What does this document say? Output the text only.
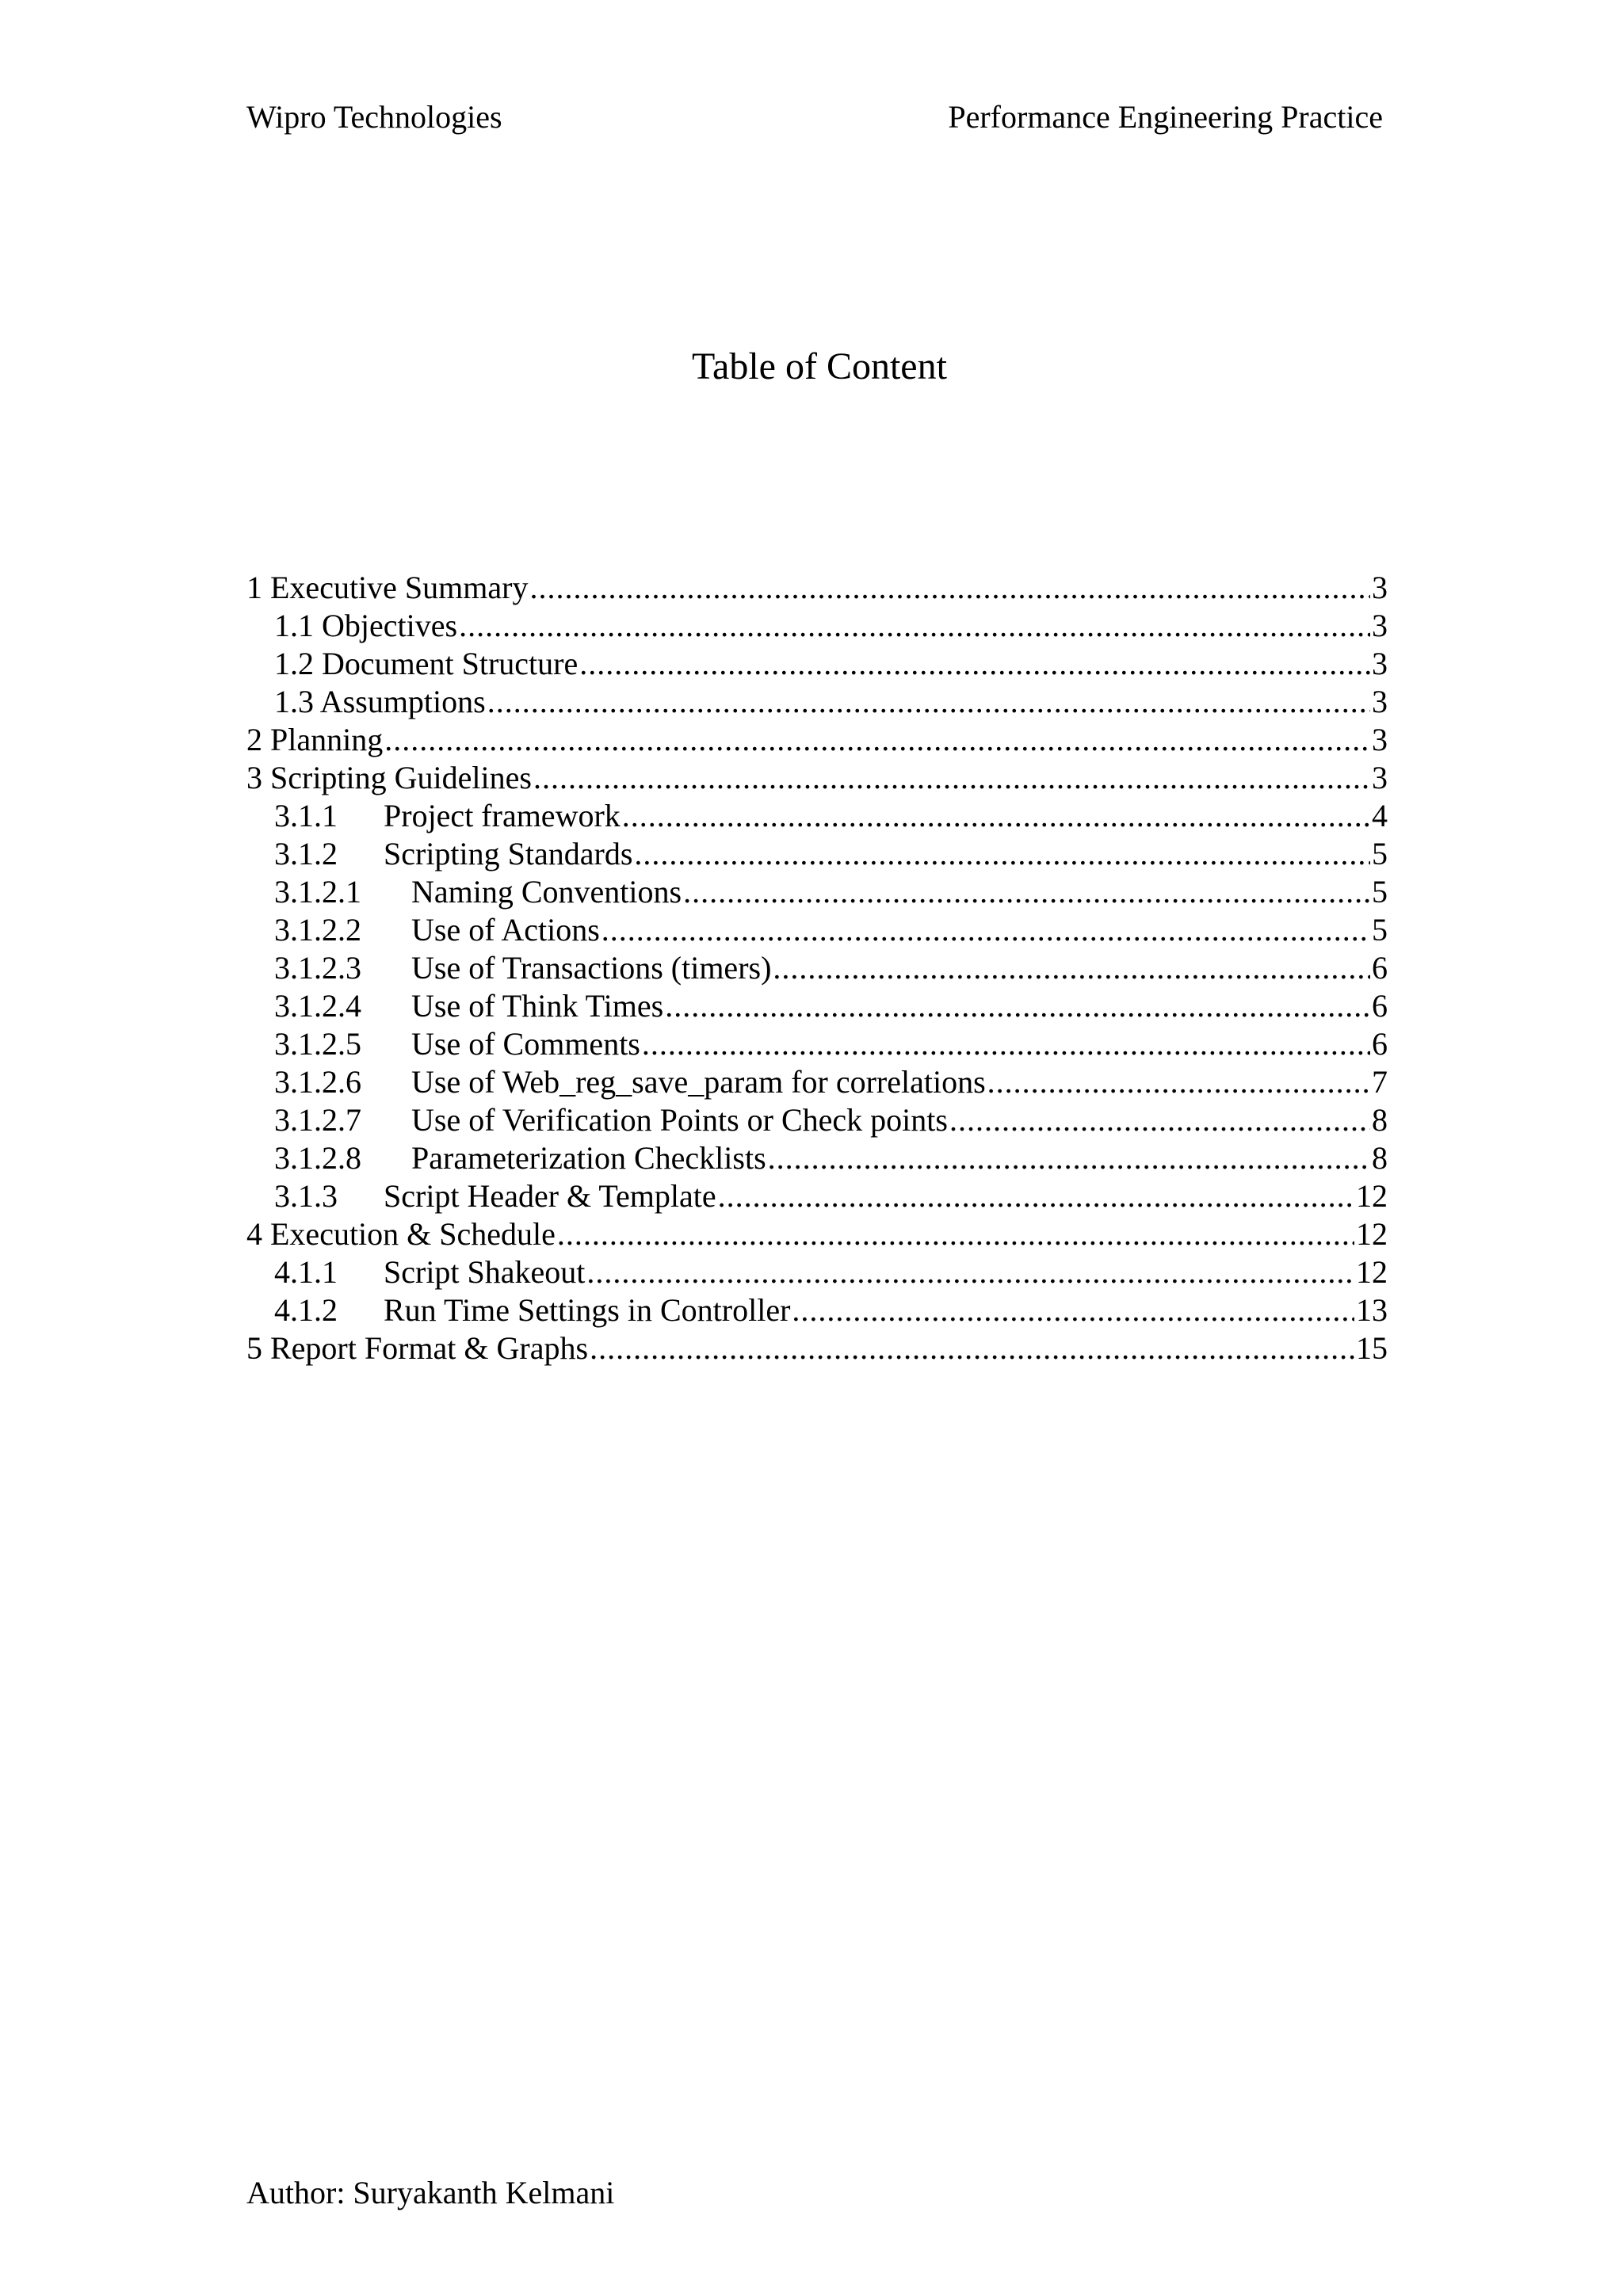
Wipro Technologies	Performance Engineering Practice
Table of Content
1 Executive Summary .....	3
1.1 Objectives .....	3
1.2 Document Structure .....	3
1.3 Assumptions .....	3
2 Planning .....	3
3 Scripting Guidelines .....	3
3.1.1 Project framework .....	4
3.1.2 Scripting Standards .....	5
3.1.2.1 Naming Conventions .....	5
3.1.2.2 Use of Actions .....	5
3.1.2.3 Use of Transactions (timers) .....	6
3.1.2.4 Use of Think Times .....	6
3.1.2.5 Use of Comments .....	6
3.1.2.6 Use of Web_reg_save_param for correlations .....	7
3.1.2.7 Use of Verification Points or Check points .....	8
3.1.2.8 Parameterization Checklists .....	8
3.1.3 Script Header & Template .....	12
4 Execution & Schedule .....	12
4.1.1 Script Shakeout .....	12
4.1.2 Run Time Settings in Controller .....	13
5 Report Format & Graphs .....	15
Author: Suryakanth Kelmani
